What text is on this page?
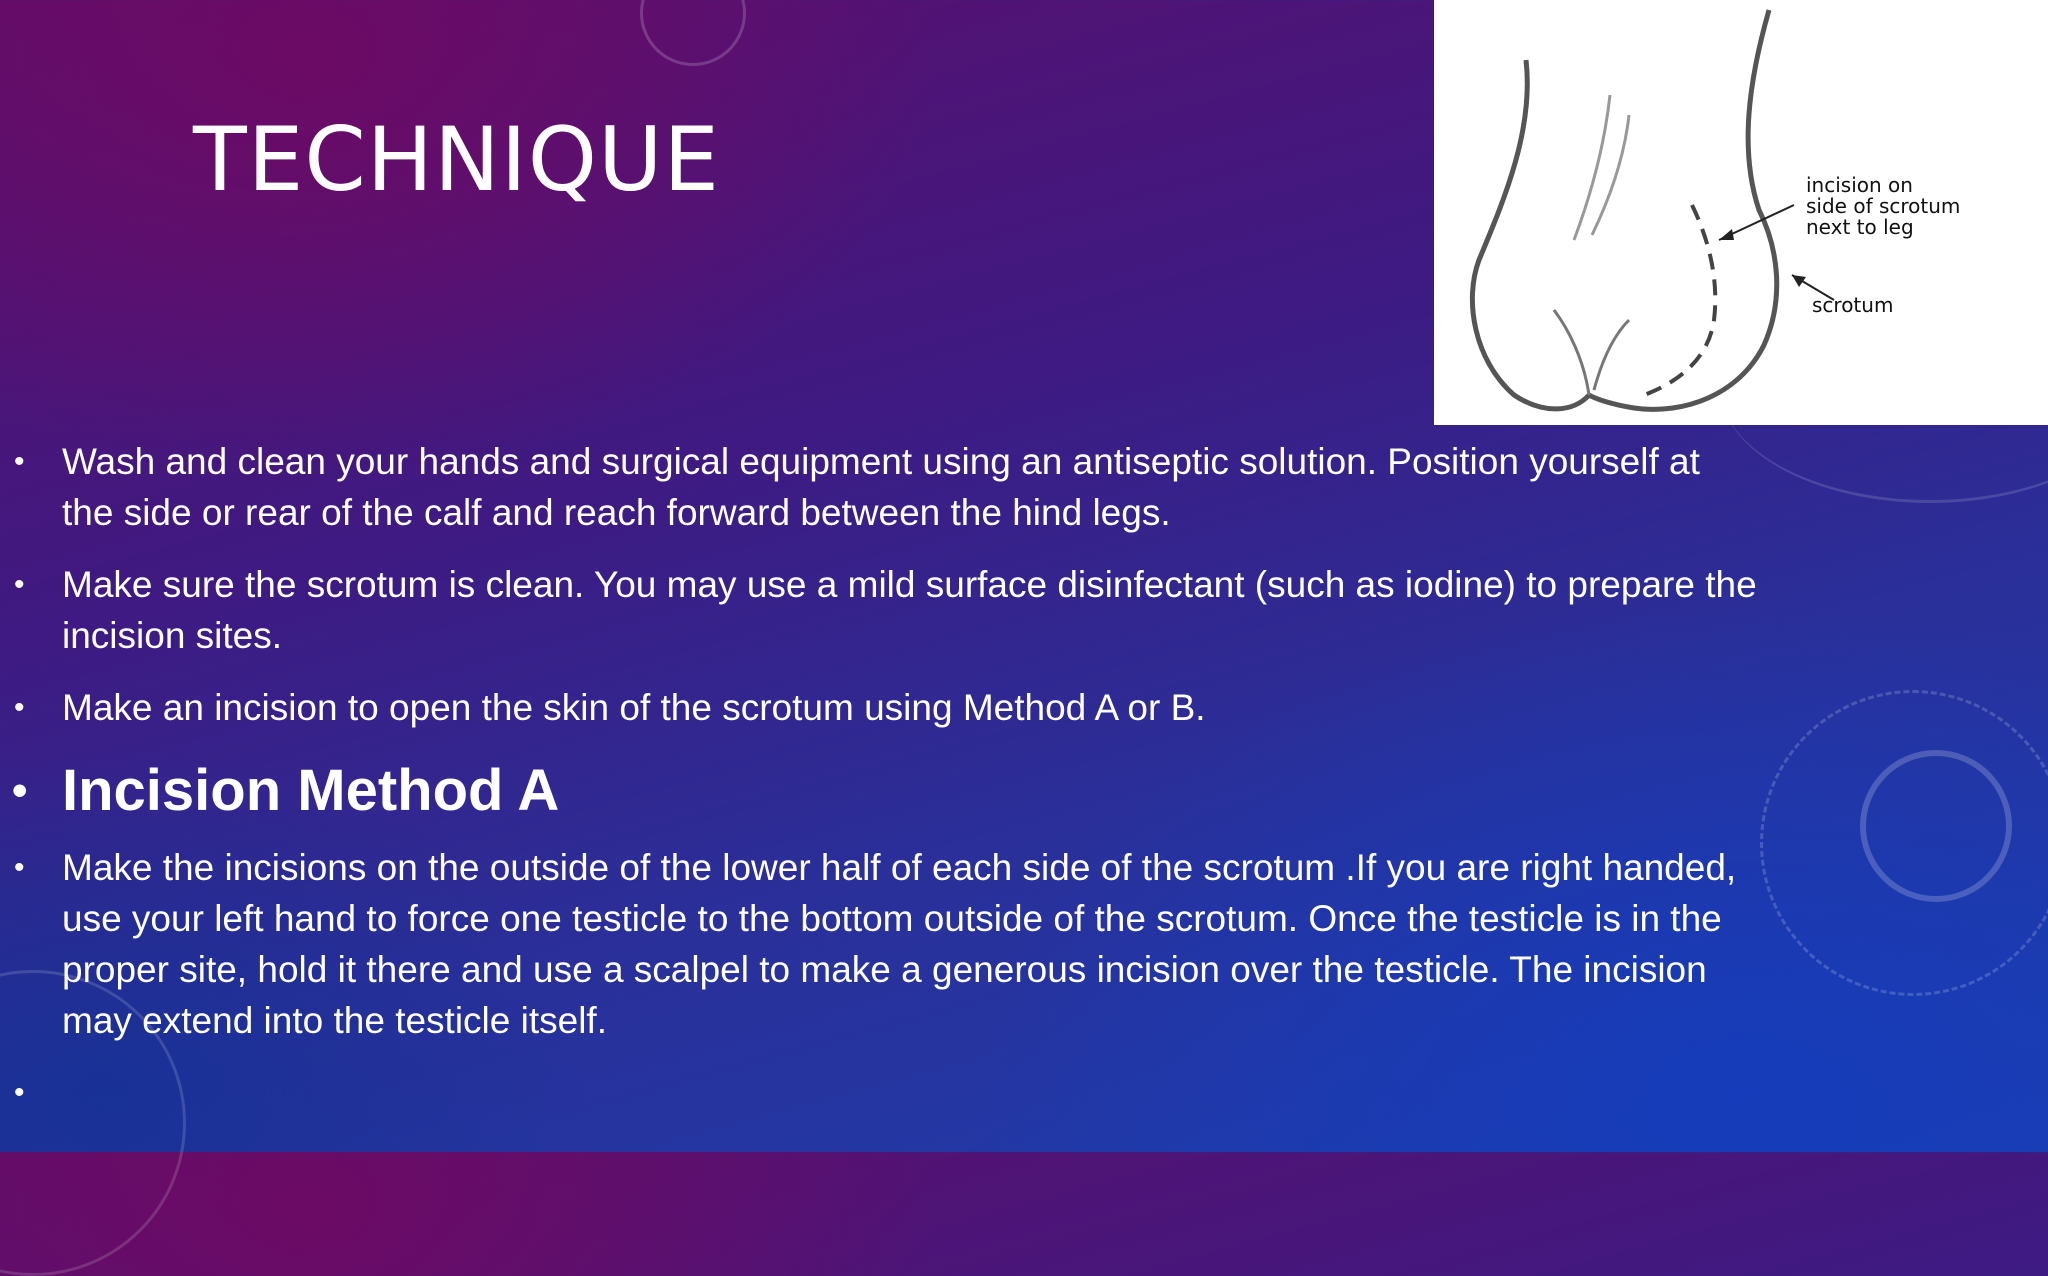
TECHNIQUE	incision on
side of scrotum
next to leg
scrotum
• Wash and clean your hands and surgical equipment using an antiseptic solution. Position yourself at the side or rear of the calf and reach forward between the hind legs.
• Make sure the scrotum is clean. You may use a mild surface disinfectant (such as iodine) to prepare the incision sites.
• Make an incision to open the skin of the scrotum using Method A or B.
• Incision Method A
• Make the incisions on the outside of the lower half of each side of the scrotum .If you are right handed, use your left hand to force one testicle to the bottom outside of the scrotum. Once the testicle is in the proper site, hold it there and use a scalpel to make a generous incision over the testicle. The incision may extend into the testicle itself.
•
